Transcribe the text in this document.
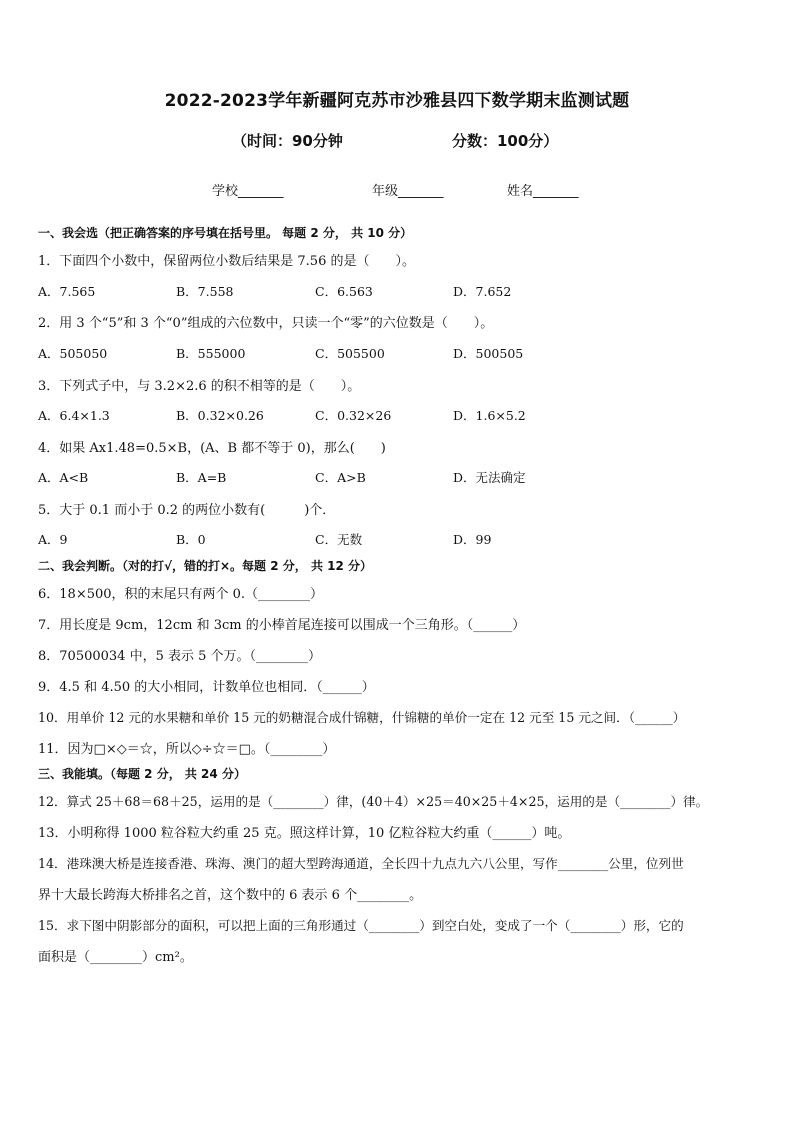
2022-2023学年新疆阿克苏市沙雅县四下数学期末监测试题
（时间：90分钟	分数：100分）
学校_______	年级_______	姓名_______
一、我会选（把正确答案的序号填在括号里。 每题 2 分， 共 10 分）
1．下面四个小数中，保留两位小数后结果是 7.56 的是（　　）。
A．7.565	B．7.558	C．6.563	D．7.652
2．用 3 个“5”和 3 个“0”组成的六位数中，只读一个“零”的六位数是（　　）。
A．505050	B．555000	C．505500	D．500505
3．下列式子中，与 3.2×2.6 的积不相等的是（　　）。
A．6.4×1.3	B．0.32×0.26	C．0.32×26	D．1.6×5.2
4．如果 Ax1.48=0.5×B，(A、B 都不等于 0)，那么(　　)
A．A<B	B．A=B	C．A>B	D．无法确定
5．大于 0.1 而小于 0.2 的两位小数有(　　　)个．
A．9	B．0	C．无数	D．99
二、我会判断。（对的打√，错的打×。每题 2 分， 共 12 分）
6．18×500，积的末尾只有两个 0.（________）
7．用长度是 9cm，12cm 和 3cm 的小棒首尾连接可以围成一个三角形。（______）
8．70500034 中，5 表示 5 个万。（________）
9．4.5 和 4.50 的大小相同，计数单位也相同．（______）
10．用单价 12 元的水果糖和单价 15 元的奶糖混合成什锦糖，什锦糖的单价一定在 12 元至 15 元之间．（______）
11．因为□×◇＝☆，所以◇÷☆＝□。（________）
三、我能填。（每题 2 分， 共 24 分）
12．算式 25＋68＝68＋25，运用的是（________）律，(40＋4）×25＝40×25＋4×25，运用的是（________）律。
13．小明称得 1000 粒谷粒大约重 25 克。照这样计算，10 亿粒谷粒大约重（______）吨。
14．港珠澳大桥是连接香港、珠海、澳门的超大型跨海通道，全长四十九点九六八公里，写作________公里，位列世
界十大最长跨海大桥排名之首，这个数中的 6 表示 6 个________。
15．求下图中阴影部分的面积，可以把上面的三角形通过（________）到空白处，变成了一个（________）形，它的
面积是（________）cm²。
